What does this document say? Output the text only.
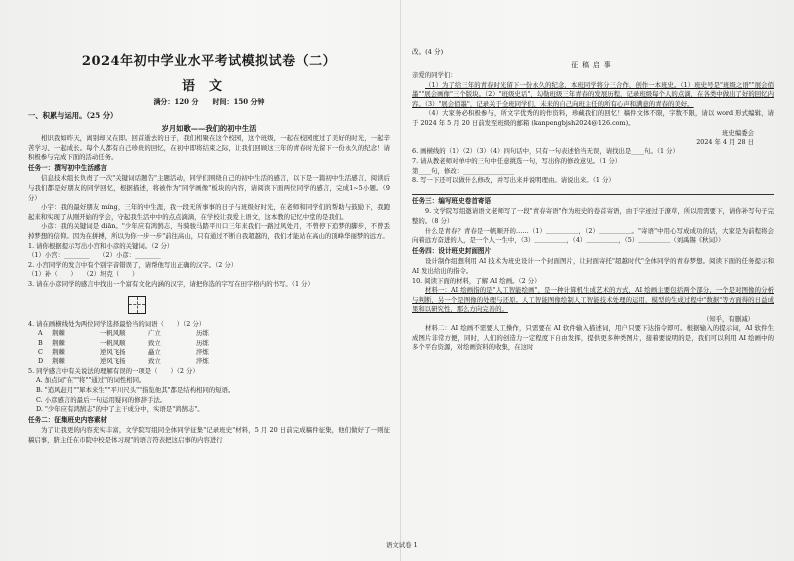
2024年初中学业水平考试模拟试卷（二）
语文
满分：120 分　　时间：150 分钟
一、积累与运用。（25 分）
岁月如歌——我们的初中生活

相识我如昨天，离别却又在即。回首逝去的日子，我们相聚在这个校园，这个班级，一起在校园度过了美好的时光，一起辛苦学习、一起成长。每个人都有自己珍贵的回忆，在初中即将结束之际，让我们回顾这三年的青春时光留下一份永久的纪念！请积极参与完成下面的活动任务。

任务一：撰写初中生活感言

信息技术组长负责了一次"关键词话题告"主题活动，同学们围绕自己的初中生活的感言，以下是一篇初中生活感言，阅读后与我们都是好朋友的同学回忆，根据描述，将被作为"同学画像"板块的内容，请阅读下面两位同学的感言，完成1~5小题。（9 分）

小宇：我的最好朋友 míng，三年的中生涯，我一段无所事事的日子与班级好时光，在老师和同学们的帮助与鼓励下，我跑起来和实现了从刚开始的学会，守起我生活中中的点点滴滴，在学校让我爱上语文，这本教的记忆中堂的是我们。

小彦：我的关键词是 diān。"少年应有鸿鹄志，当骑骏马踏平川口三年来我们一路过风处月，不曾停下追梦的脚步，不曾丢掉梦想的信仰。因为在拼搏，所以为你一步一步"前往高山，只有通过不断自我超越的，我们才能站在高山的顶峰华丽梦的远方。

1. 请你根据提示写出小宫和小彦的关键词。（2 分）

（1）小宫：________　　（2）小彦：________

2. 小宫同学的发言中有个别字音错误了，请帮他写出正确的汉字。（2 分）

（1）补（　　）　　（2）坦克（　　）

3. 请在小彦同学的感言中找出一个富有文化内涵的汉字，请把你选的字写在田字格内的书写。（1 分）

4. 请在画横线处为两位同学选择最恰当的词语（　　）（2 分）

A 荆棘	一帆风顺	广立	历练
B 荆棘	一帆风顺	致立	历练
C 荆棘	逆风飞扬	矗立	淬炼
D 荆棘	逆风飞扬	致立	淬炼

5. 同学感言中有关说法的理解有误的一项是（　　）（2 分）

A. 加点词"在""将""通过"的词性相同。

B. "追风赶月""犀本来生""平川尺头""指览他其"都是结构相同的短语。

C. 小彦感言的最后一句运用疑问的修辞手法。

D. "少年应有鸿鹄志"的中了主干成分中，实语是"鸿鹄志"。

任务二：征集班史内容素材

为了让我更的内容充实丰富，文学院写组同全体同学征集"记录班史"材料，5 月 20 日前完成稿件征集，他们做好了一则征稿启事，脐主任在市院中校是体习现"的语言符表把这启事的内容进行

改。(4 分)
征稿启事

亲爱的同学们：

（1）为了给三年的青春时光留下一份永久的纪念，本班同学将分三合作，创作一本班史。（1）班史号是"班级之语""展会佰墨""展会画像"三个版块。（2）"班级史话"，勾勒班级三年青春的发展历程，记录班级每个人的点滴，在各类中做出了好的回忆内容。（3）"展会佰墨"，记录关于全班同学们，未来的自己向班主任的所有心声和满意的青春的美好。

（4）大家务必积极参与，所文字优秀的的作资料，珍藏我们的回忆！稿件文体不限，字数不限，请以 word 形式编辑，请于 2024 年 5 月 20 日前发至班级的邮箱 (kanpengbjsh2024@126.com)。

班史编委会
2024 年 4 月 28 日

6. 画横线的（1）（2）（3）（4）四句话中，只有一句表述恰当无误，请找出是____句。（1 分）

7. 请从教老师对单中的三句中任意挑选一句，写出你的修改意见。（1 分）

第____句，修改：________________

8. 写一下还可以做什么修改，并写出来并说明理由。请说出来。（1 分）

任务三：编写班史卷首寄语

9. 文学院写组邀请语文老师写了一段"青春寄语"作为班史的卷首寄语，由于字迹过于潦草，所以用需要下，请你补写句子完整的。（8 分）

什么是青春？青春是一帆顺开的……（1）＿＿＿＿＿，（2）＿＿＿＿＿。"寄语"中用心写成成功的话，大家是为前程将会向着远方奋进的人，是一个人一生中，（3）＿＿＿＿＿，（4）＿＿＿＿＿，（5）＿＿＿＿＿（刘禹锡《秋词》）

任务四：设计班史封面图片

设计制作组想利用 AI 技术为班史设计一个封面图片，让封面寄托"超越时代"全体同学的青春梦想。阅读下面的任务提示和 AI 发出给出的指令。

10. 阅读下面的材料，了解 AI 绘画。（2 分）

材料一：AI 绘画指的是"人工智能绘画"，是一种计算机生成艺术的方式，AI 绘画主要包括两个部分，一个是对图像的分析与判断，另一个是图像的处理与还原。人工智能图像绘制人工智能技术处理的运用，模型的生成过程中"数据"等方面得的日益成果和以研究性，那么方向完善的。

（知乎，有删减）

材料二：AI 绘画不需要人工操作，只需要在 AI 软件输入描述词，用户只要下达指令即可。根据输入的提示词，AI 软件生成图片非常方便，同时，人们的创造力一定程度下自由发挥，提供更多种类图片，接着要说明的是，我们可以利用 AI 绘画中的多个平台资源，对绘画资料的收集，在这时

语文试卷 1
